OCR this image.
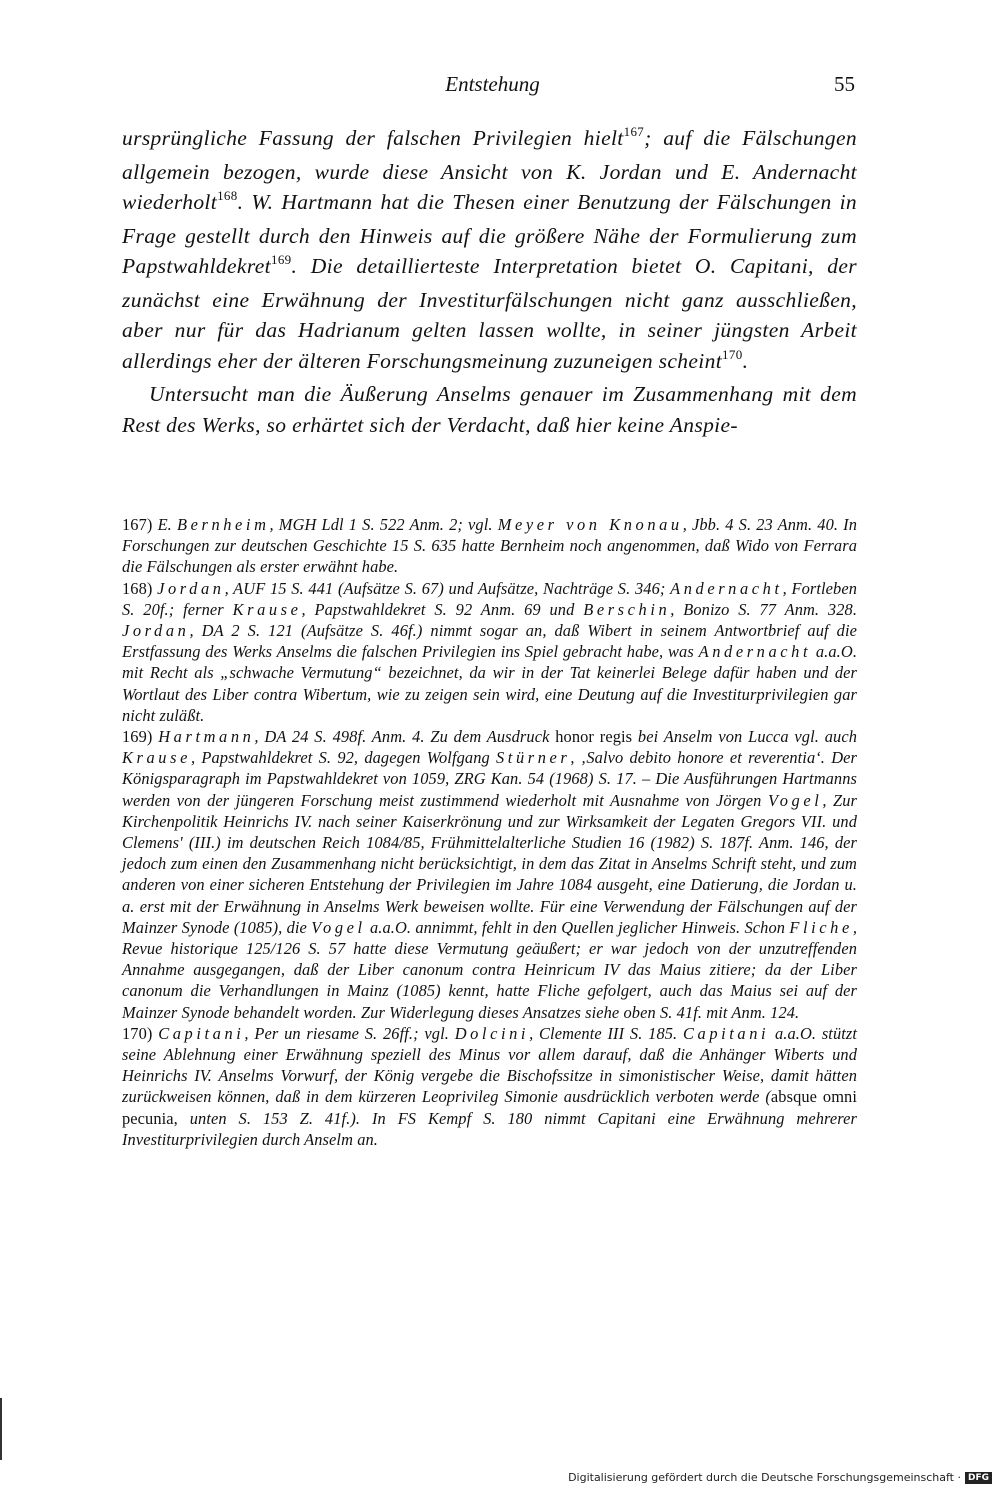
Entstehung	55

ursprüngliche Fassung der falschen Privilegien hielt$^{167}$; auf die Fälschungen allgemein bezogen, wurde diese Ansicht von K. Jordan und E. Andernacht wiederholt$^{168}$. W. Hartmann hat die Thesen einer Benutzung der Fälschungen in Frage gestellt durch den Hinweis auf die größere Nähe der Formulierung zum Papstwahldekret$^{169}$. Die detaillierteste Interpretation bietet O. Capitani, der zunächst eine Erwähnung der Investiturfälschungen nicht ganz ausschließen, aber nur für das Hadrianum gelten lassen wollte, in seiner jüngsten Arbeit allerdings eher der älteren Forschungsmeinung zuzuneigen scheint$^{170}$.

Untersucht man die Äußerung Anselms genauer im Zusammenhang mit dem Rest des Werks, so erhärtet sich der Verdacht, daß hier keine Anspie-

167) E. Bernheim, MGH Ldl 1 S. 522 Anm. 2; vgl. Meyer von Knonau, Jbb. 4 S. 23 Anm. 40. In Forschungen zur deutschen Geschichte 15 S. 635 hatte Bernheim noch angenommen, daß Wido von Ferrara die Fälschungen als erster erwähnt habe.

168) Jordan, AUF 15 S. 441 (Aufsätze S. 67) und Aufsätze, Nachträge S. 346; Andernacht, Fortleben S. 20f.; ferner Krause, Papstwahldekret S. 92 Anm. 69 und Berschin, Bonizo S. 77 Anm. 328. Jordan, DA 2 S. 121 (Aufsätze S. 46f.) nimmt sogar an, daß Wibert in seinem Antwortbrief auf die Erstfassung des Werks Anselms die falschen Privilegien ins Spiel gebracht habe, was Andernacht a.a.O. mit Recht als „schwache Vermutung“ bezeichnet, da wir in der Tat keinerlei Belege dafür haben und der Wortlaut des Liber contra Wibertum, wie zu zeigen sein wird, eine Deutung auf die Investiturprivilegien gar nicht zuläßt.

169) Hartmann, DA 24 S. 498f. Anm. 4. Zu dem Ausdruck honor regis bei Anselm von Lucca vgl. auch Krause, Papstwahldekret S. 92, dagegen Wolfgang Stürner, ‚Salvo debito honore et reverentia‘. Der Königsparagraph im Papstwahldekret von 1059, ZRG Kan. 54 (1968) S. 17. – Die Ausführungen Hartmanns werden von der jüngeren Forschung meist zustimmend wiederholt mit Ausnahme von Jörgen Vogel, Zur Kirchenpolitik Heinrichs IV. nach seiner Kaiserkrönung und zur Wirksamkeit der Legaten Gregors VII. und Clemens' (III.) im deutschen Reich 1084/85, Frühmittelalterliche Studien 16 (1982) S. 187f. Anm. 146, der jedoch zum einen den Zusammenhang nicht berücksichtigt, in dem das Zitat in Anselms Schrift steht, und zum anderen von einer sicheren Entstehung der Privilegien im Jahre 1084 ausgeht, eine Datierung, die Jordan u. a. erst mit der Erwähnung in Anselms Werk beweisen wollte. Für eine Verwendung der Fälschungen auf der Mainzer Synode (1085), die Vogel a.a.O. annimmt, fehlt in den Quellen jeglicher Hinweis. Schon Fliche, Revue historique 125/126 S. 57 hatte diese Vermutung geäußert; er war jedoch von der unzutreffenden Annahme ausgegangen, daß der Liber canonum contra Heinricum IV das Maius zitiere; da der Liber canonum die Verhandlungen in Mainz (1085) kennt, hatte Fliche gefolgert, auch das Maius sei auf der Mainzer Synode behandelt worden. Zur Widerlegung dieses Ansatzes siehe oben S. 41f. mit Anm. 124.

170) Capitani, Per un riesame S. 26ff.; vgl. Dolcini, Clemente III S. 185. Capitani a.a.O. stützt seine Ablehnung einer Erwähnung speziell des Minus vor allem darauf, daß die Anhänger Wiberts und Heinrichs IV. Anselms Vorwurf, der König vergebe die Bischofssitze in simonistischer Weise, damit hätten zurückweisen können, daß in dem kürzeren Leoprivileg Simonie ausdrücklich verboten werde (absque omni pecunia, unten S. 153 Z. 41f.). In FS Kempf S. 180 nimmt Capitani eine Erwähnung mehrerer Investiturprivilegien durch Anselm an.

Digitalisierung gefördert durch die Deutsche Forschungsgemeinschaft · DFG
